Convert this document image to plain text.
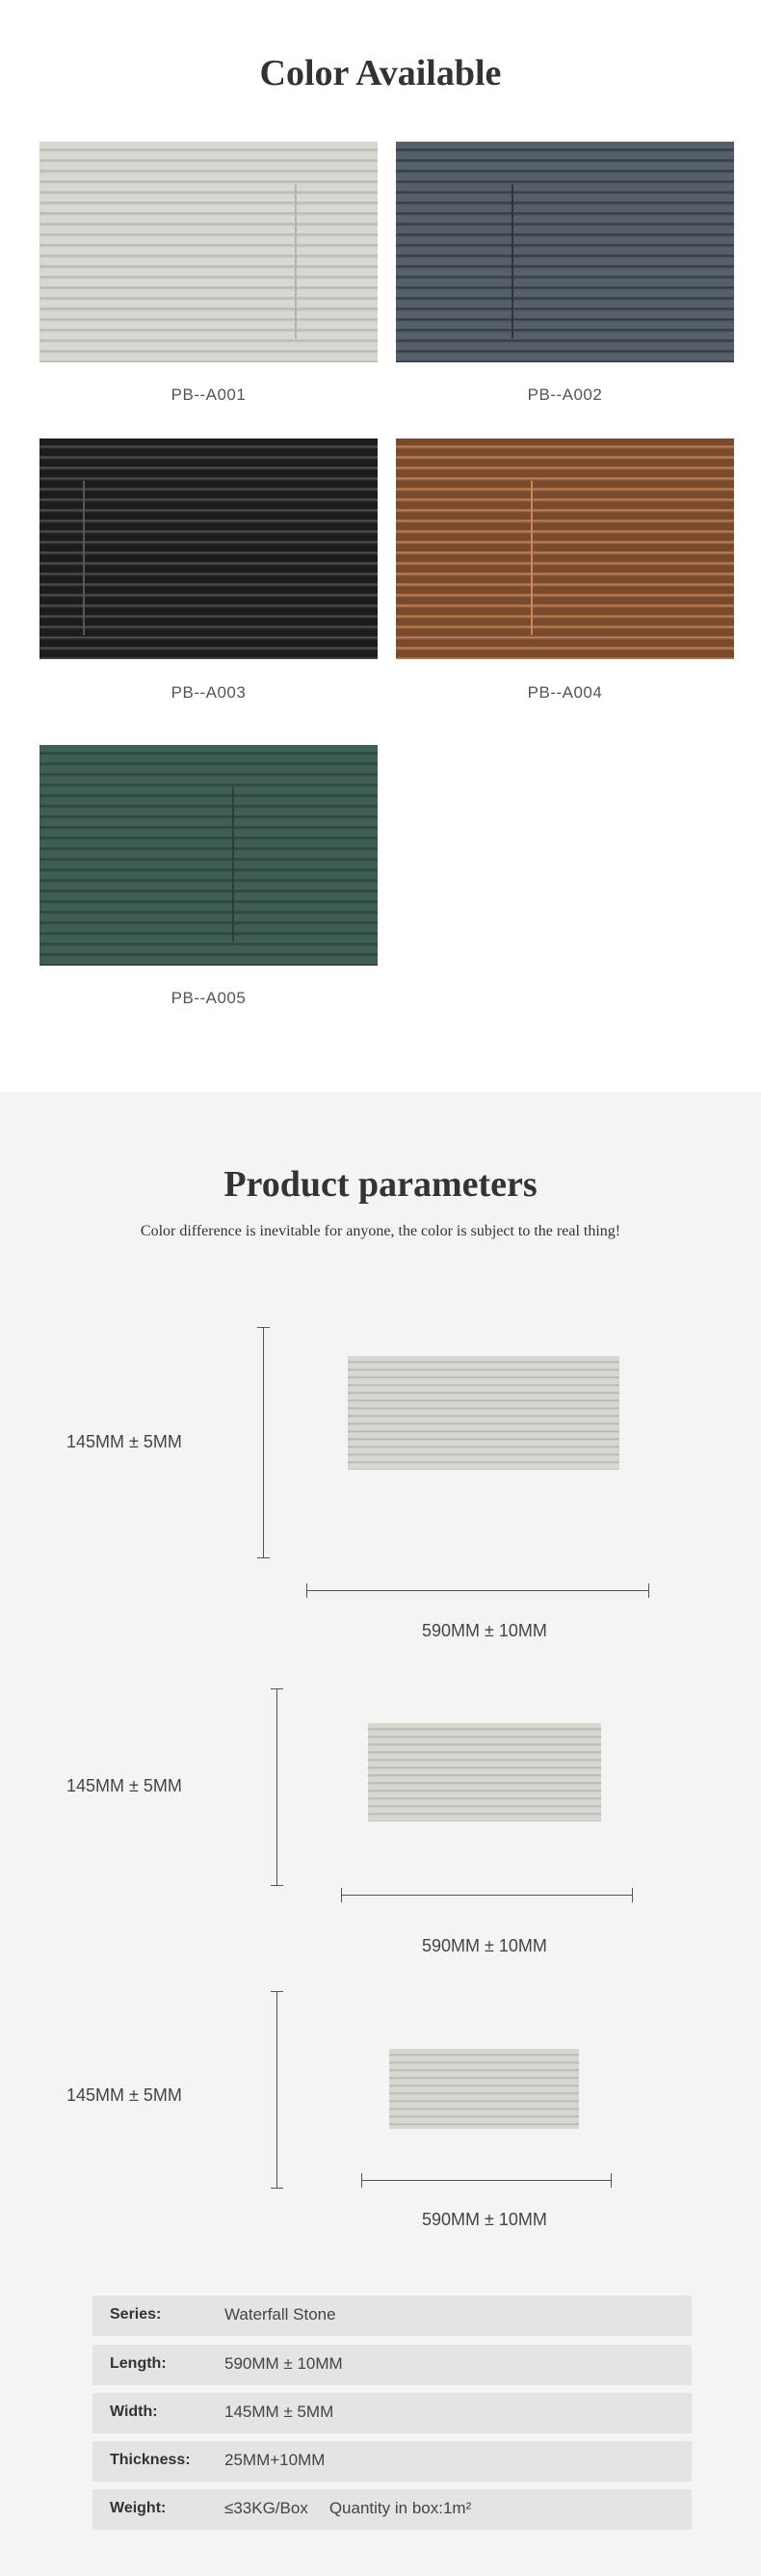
Color Available
PB--A001	PB--A002
PB--A003	PB--A004
PB--A005
Product parameters

Color difference is inevitable for anyone, the color is subject to the real thing!

145MM ± 5MM
590MM ± 10MM
145MM ± 5MM
590MM ± 10MM
145MM ± 5MM
590MM ± 10MM
Series:	Waterfall Stone
Length:	590MM ± 10MM
Width:	145MM ± 5MM
Thickness: 25MM+10MM
Weight:	≤33KG/Box Quantity in box:1m²
